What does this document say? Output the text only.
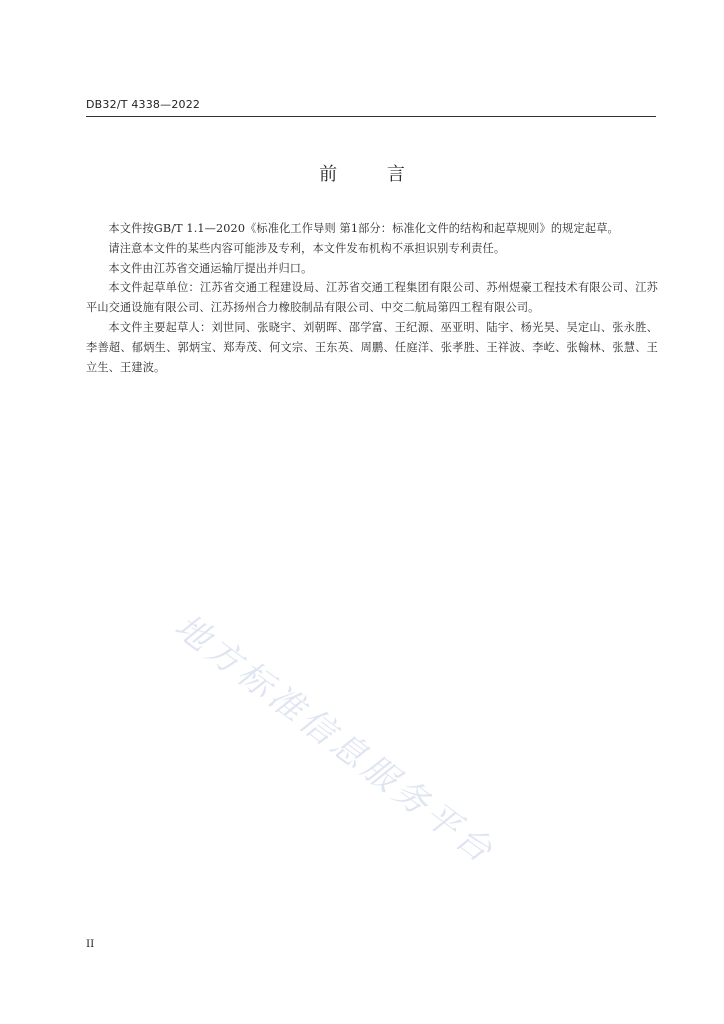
DB32/T 4338—2022
前 言

本文件按GB/T 1.1—2020《标准化工作导则 第1部分：标准化文件的结构和起草规则》的规定起草。

请注意本文件的某些内容可能涉及专利，本文件发布机构不承担识别专利责任。

本文件由江苏省交通运输厅提出并归口。

本文件起草单位：江苏省交通工程建设局、江苏省交通工程集团有限公司、苏州煜豪工程技术有限公司、江苏平山交通设施有限公司、江苏扬州合力橡胶制品有限公司、中交二航局第四工程有限公司。

本文件主要起草人：刘世同、张晓宇、刘朝晖、邵学富、王纪源、巫亚明、陆宇、杨光昊、吴定山、张永胜、李善超、郁炳生、郭炳宝、郑寿茂、何文宗、王东英、周鹏、任庭洋、张孝胜、王祥波、李屹、张翰林、张慧、王立生、王建波。

地方标准信息服务平台
II
